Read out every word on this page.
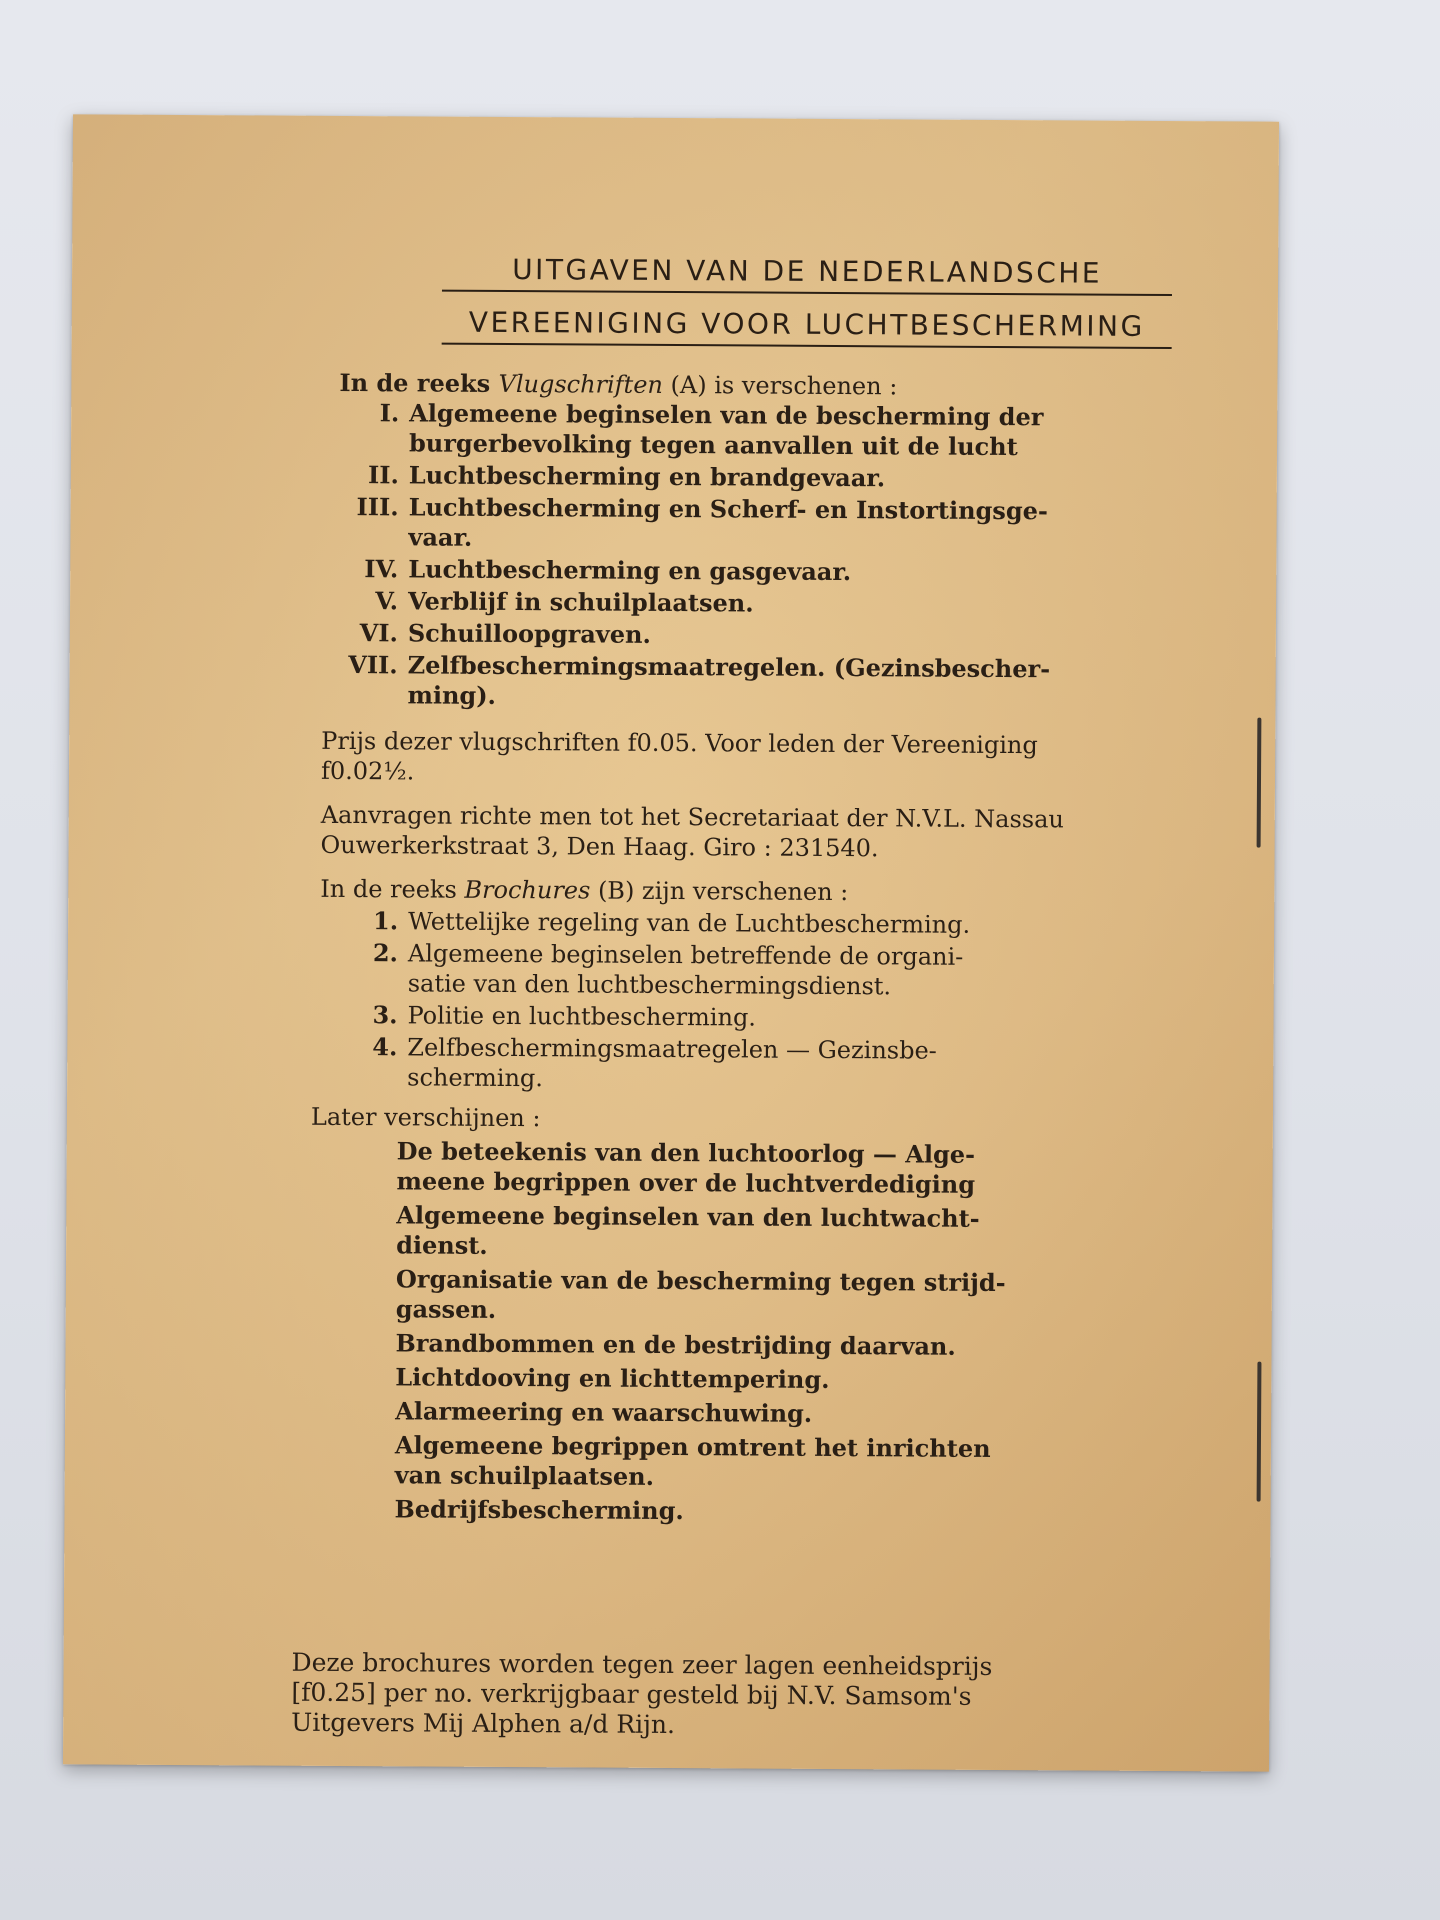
UITGAVEN VAN DE NEDERLANDSCHE
VEREENIGING VOOR LUCHTBESCHERMING
In de reeks Vlugschriften (A) is verschenen :
I. Algemeene beginselen van de bescherming der
burgerbevolking tegen aanvallen uit de lucht
II. Luchtbescherming en brandgevaar.
III. Luchtbescherming en Scherf- en Instortingsge-
vaar.
IV. Luchtbescherming en gasgevaar.
V. Verblijf in schuilplaatsen.
VI. Schuilloopgraven.
VII. Zelfbeschermingsmaatregelen. (Gezinsbescher-
ming).
Prijs dezer vlugschriften f0.05. Voor leden der Vereeniging
f0.02½.
Aanvragen richte men tot het Secretariaat der N.V.L. Nassau
Ouwerkerkstraat 3, Den Haag. Giro : 231540.
In de reeks Brochures (B) zijn verschenen :
1. Wettelijke regeling van de Luchtbescherming.
2. Algemeene beginselen betreffende de organi-
satie van den luchtbeschermingsdienst.
3. Politie en luchtbescherming.
4. Zelfbeschermingsmaatregelen — Gezinsbe-
scherming.
Later verschijnen :
De beteekenis van den luchtoorlog — Alge-
meene begrippen over de luchtverdediging
Algemeene beginselen van den luchtwacht-
dienst.
Organisatie van de bescherming tegen strijd-
gassen.
Brandbommen en de bestrijding daarvan.
Lichtdooving en lichttempering.
Alarmeering en waarschuwing.
Algemeene begrippen omtrent het inrichten
van schuilplaatsen.
Bedrijfsbescherming.
Deze brochures worden tegen zeer lagen eenheidsprijs
[f0.25] per no. verkrijgbaar gesteld bij N.V. Samsom's
Uitgevers Mij Alphen a/d Rijn.
